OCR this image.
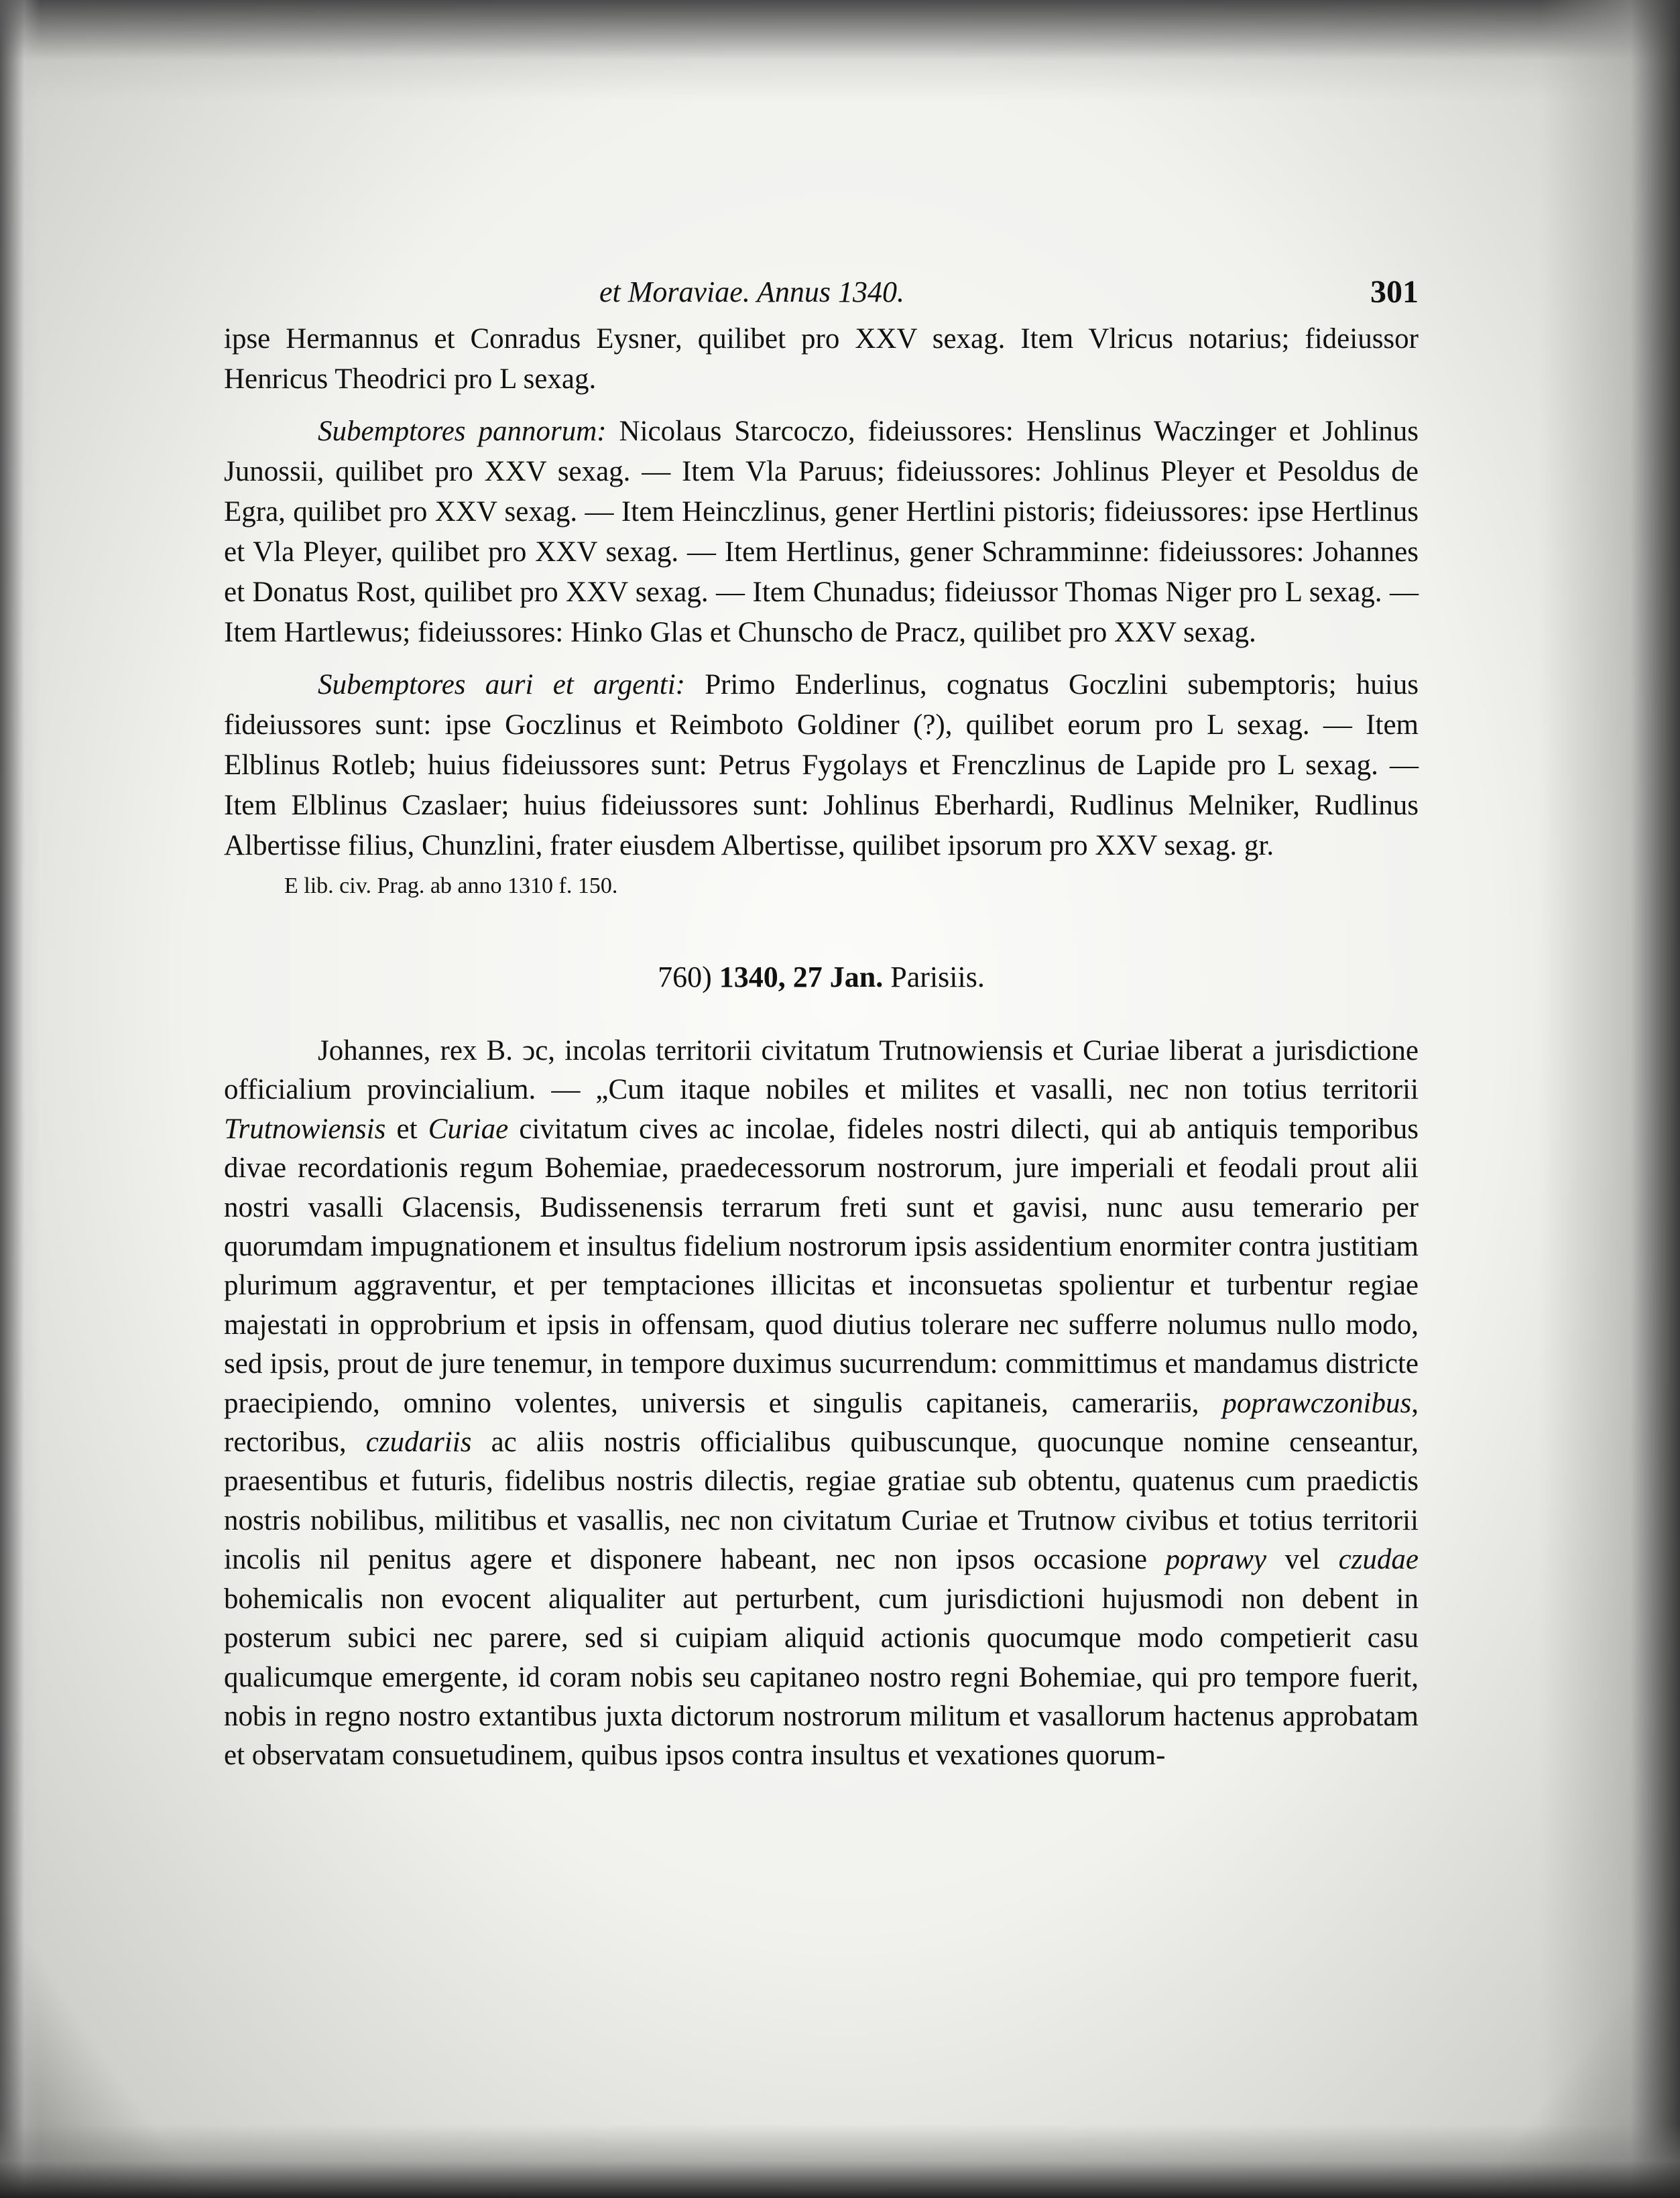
et Moraviae. Annus 1340.	301

ipse Hermannus et Conradus Eysner, quilibet pro XXV sexag. Item Vlricus notarius; fideiussor Henricus Theodrici pro L sexag.

Subemptores pannorum: Nicolaus Starcoczo, fideiussores: Henslinus Waczinger et Johlinus Junossii, quilibet pro XXV sexag. — Item Vla Paruus; fideiussores: Johlinus Pleyer et Pesoldus de Egra, quilibet pro XXV sexag. — Item Heinczlinus, gener Hertlini pistoris; fideiussores: ipse Hertlinus et Vla Pleyer, quilibet pro XXV sexag. — Item Hertlinus, gener Schramminne: fideiussores: Johannes et Donatus Rost, quilibet pro XXV sexag. — Item Chunadus; fideiussor Thomas Niger pro L sexag. — Item Hartlewus; fideiussores: Hinko Glas et Chunscho de Pracz, quilibet pro XXV sexag.

Subemptores auri et argenti: Primo Enderlinus, cognatus Goczlini subemptoris; huius fideiussores sunt: ipse Goczlinus et Reimboto Goldiner (?), quilibet eorum pro L sexag. — Item Elblinus Rotleb; huius fideiussores sunt: Petrus Fygolays et Frenczlinus de Lapide pro L sexag. — Item Elblinus Czaslaer; huius fideiussores sunt: Johlinus Eberhardi, Rudlinus Melniker, Rudlinus Albertisse filius, Chunzlini, frater eiusdem Albertisse, quilibet ipsorum pro XXV sexag. gr.

E lib. civ. Prag. ab anno 1310 f. 150.

760) 1340, 27 Jan. Parisiis.

Johannes, rex B. ͻc, incolas territorii civitatum Trutnowiensis et Curiae liberat a jurisdictione officialium provincialium. — „Cum itaque nobiles et milites et vasalli, nec non totius territorii Trutnowiensis et Curiae civitatum cives ac incolae, fideles nostri dilecti, qui ab antiquis temporibus divae recordationis regum Bohemiae, praedecessorum nostrorum, jure imperiali et feodali prout alii nostri vasalli Glacensis, Budissenensis terrarum freti sunt et gavisi, nunc ausu temerario per quorumdam impugnationem et insultus fidelium nostrorum ipsis assidentium enormiter contra justitiam plurimum aggraventur, et per temptaciones illicitas et inconsuetas spolientur et turbentur regiae majestati in opprobrium et ipsis in offensam, quod diutius tolerare nec sufferre nolumus nullo modo, sed ipsis, prout de jure tenemur, in tempore duximus sucurrendum: committimus et mandamus districte praecipiendo, omnino volentes, universis et singulis capitaneis, camerariis, poprawczonibus, rectoribus, czudariis ac aliis nostris officialibus quibuscunque, quocunque nomine censeantur, praesentibus et futuris, fidelibus nostris dilectis, regiae gratiae sub obtentu, quatenus cum praedictis nostris nobilibus, militibus et vasallis, nec non civitatum Curiae et Trutnow civibus et totius territorii incolis nil penitus agere et disponere habeant, nec non ipsos occasione poprawy vel czudae bohemicalis non evocent aliqualiter aut perturbent, cum jurisdictioni hujusmodi non debent in posterum subici nec parere, sed si cuipiam aliquid actionis quocumque modo competierit casu qualicumque emergente, id coram nobis seu capitaneo nostro regni Bohemiae, qui pro tempore fuerit, nobis in regno nostro extantibus juxta dictorum nostrorum militum et vasallorum hactenus approbatam et observatam consuetudinem, quibus ipsos contra insultus et vexationes quorum-
